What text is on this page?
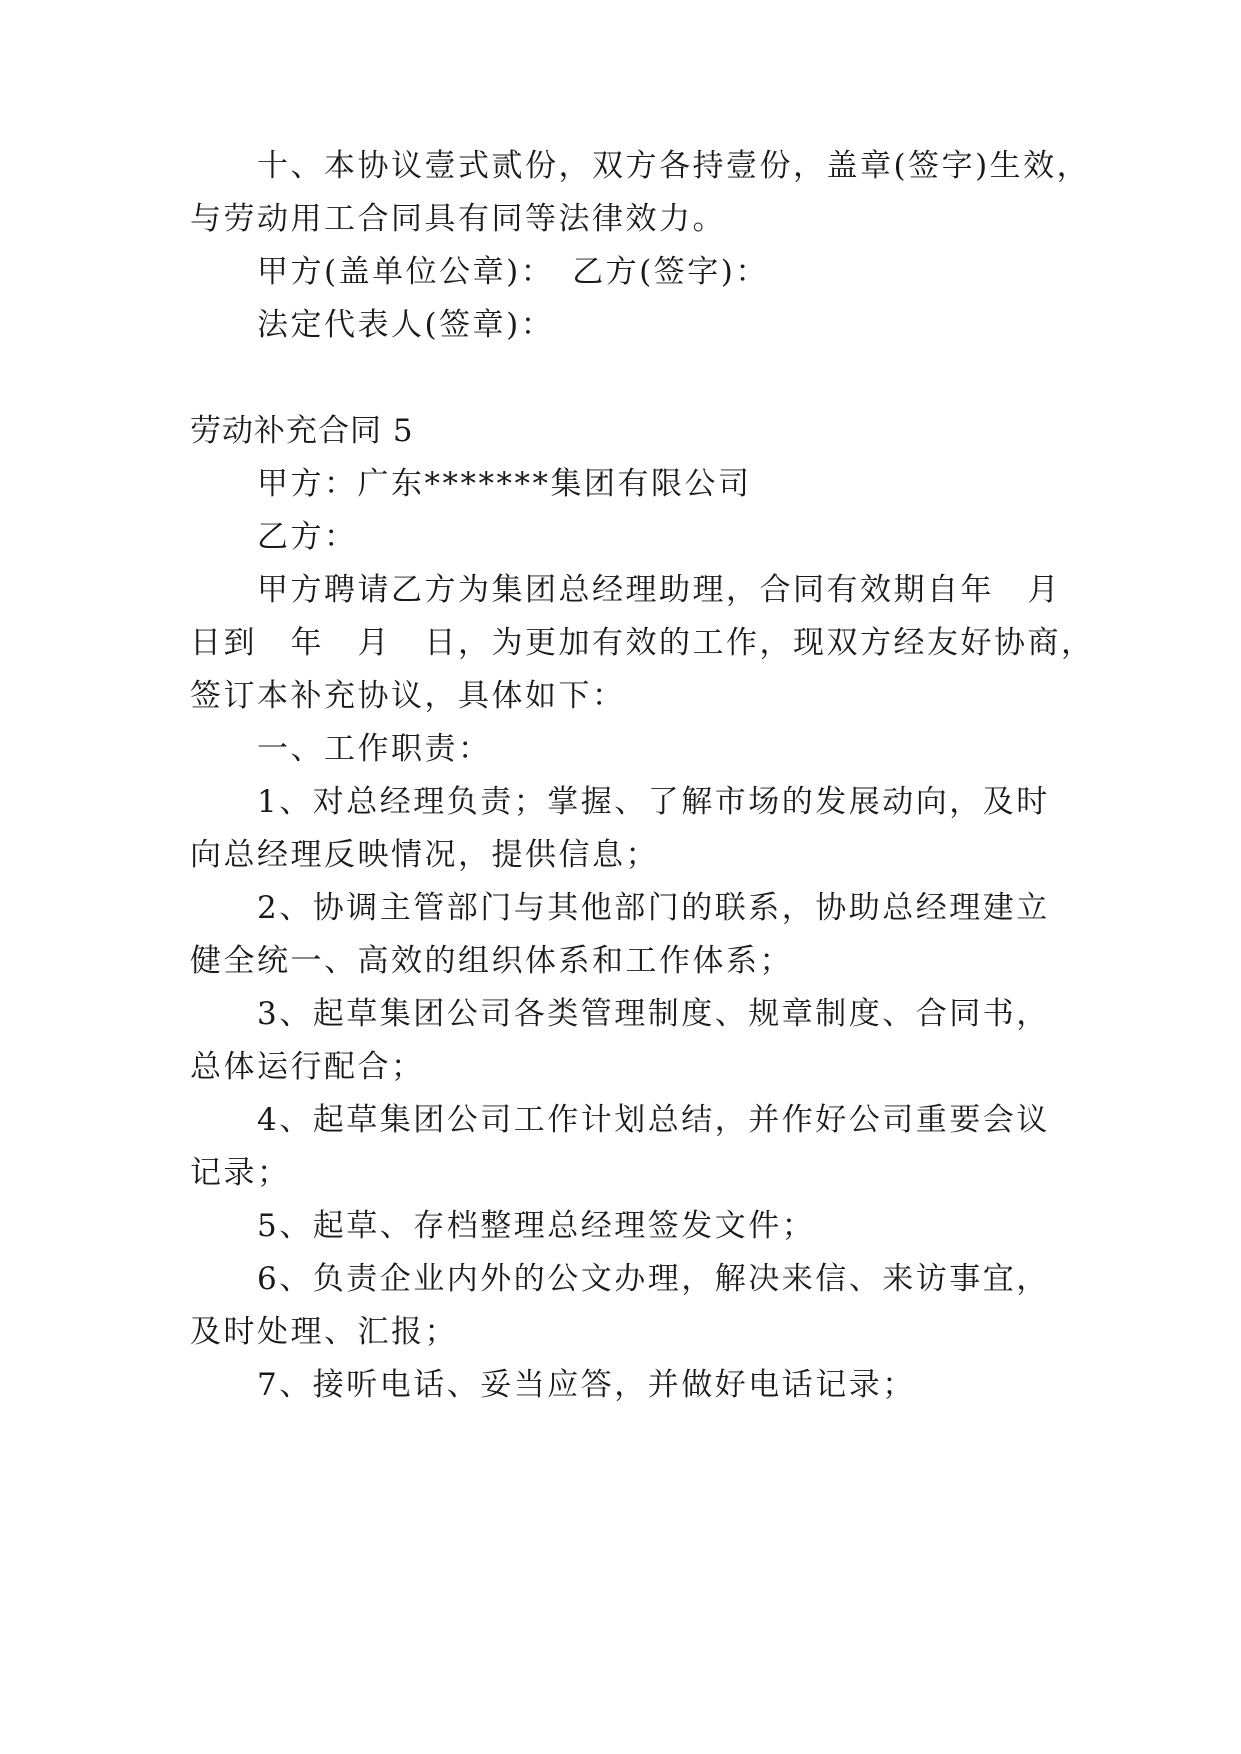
十、本协议壹式贰份，双方各持壹份，盖章(签字)生效，
与劳动用工合同具有同等法律效力。
甲方(盖单位公章)：　乙方(签字)：
法定代表人(签章)：
劳动补充合同 5
甲方：广东*******集团有限公司
乙方：
甲方聘请乙方为集团总经理助理，合同有效期自年　月
日到　年　月　日，为更加有效的工作，现双方经友好协商，
签订本补充协议，具体如下：
一、工作职责：
1、对总经理负责；掌握、了解市场的发展动向，及时
向总经理反映情况，提供信息；
2、协调主管部门与其他部门的联系，协助总经理建立
健全统一、高效的组织体系和工作体系；
3、起草集团公司各类管理制度、规章制度、合同书，
总体运行配合；
4、起草集团公司工作计划总结，并作好公司重要会议
记录；
5、起草、存档整理总经理签发文件；
6、负责企业内外的公文办理，解决来信、来访事宜，
及时处理、汇报；
7、接听电话、妥当应答，并做好电话记录；
